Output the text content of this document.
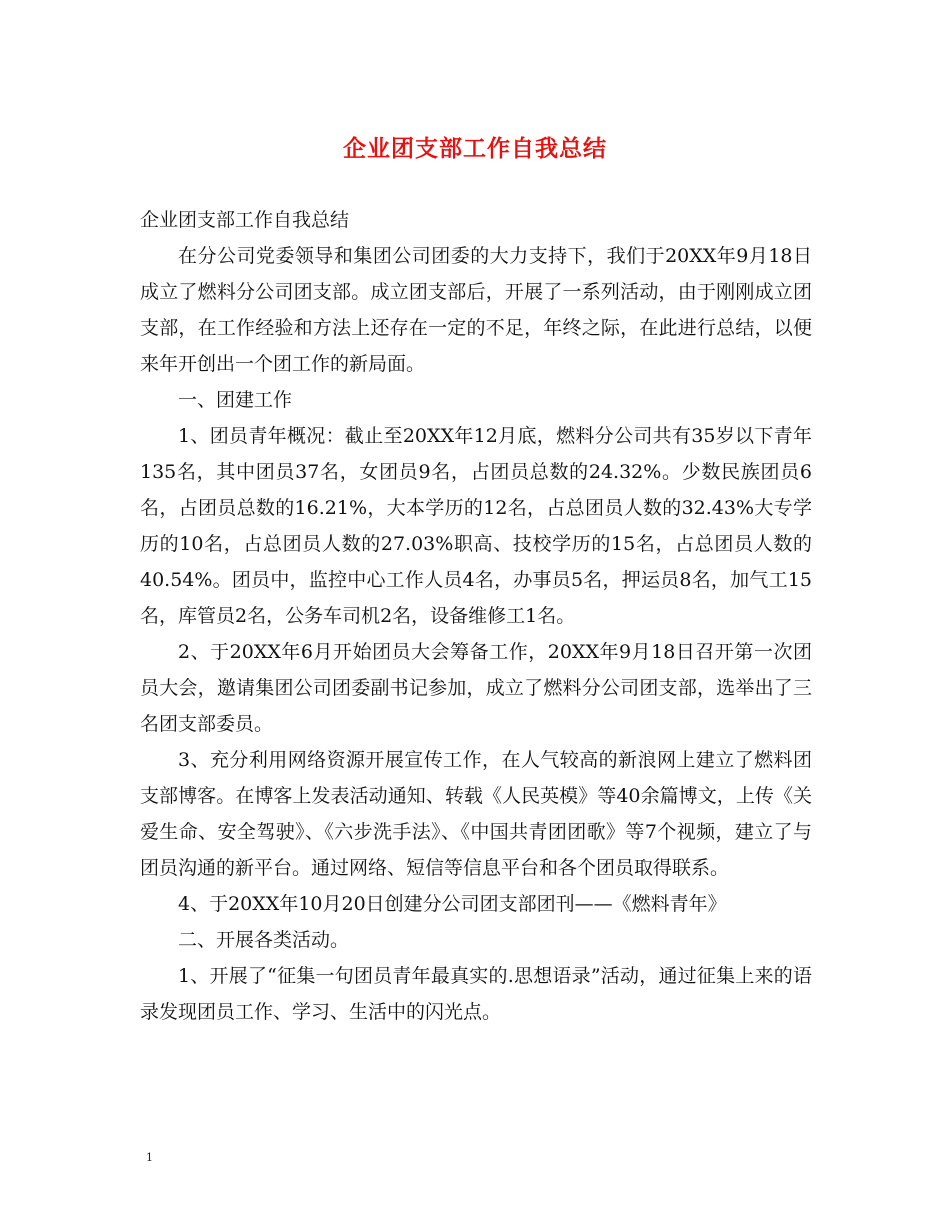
企业团支部工作自我总结

企业团支部工作自我总结

在分公司党委领导和集团公司团委的大力支持下，我们于20XX年9月18日成立了燃料分公司团支部。成立团支部后，开展了一系列活动，由于刚刚成立团支部，在工作经验和方法上还存在一定的不足，年终之际，在此进行总结，以便来年开创出一个团工作的新局面。

一、团建工作

1、团员青年概况：截止至20XX年12月底，燃料分公司共有35岁以下青年135名，其中团员37名，女团员9名，占团员总数的24.32%。少数民族团员6名，占团员总数的16.21%，大本学历的12名，占总团员人数的32.43%大专学历的10名，占总团员人数的27.03%职高、技校学历的15名，占总团员人数的40.54%。团员中，监控中心工作人员4名，办事员5名，押运员8名，加气工15名，库管员2名，公务车司机2名，设备维修工1名。

2、于20XX年6月开始团员大会筹备工作，20XX年9月18日召开第一次团员大会，邀请集团公司团委副书记参加，成立了燃料分公司团支部，选举出了三名团支部委员。

3、充分利用网络资源开展宣传工作，在人气较高的新浪网上建立了燃料团支部博客。在博客上发表活动通知、转载《人民英模》等40余篇博文，上传《关爱生命、安全驾驶》、《六步洗手法》、《中国共青团团歌》等7个视频，建立了与团员沟通的新平台。通过网络、短信等信息平台和各个团员取得联系。

4、于20XX年10月20日创建分公司团支部团刊——《燃料青年》

二、开展各类活动。

1、开展了“征集一句团员青年最真实的.思想语录”活动，通过征集上来的语录发现团员工作、学习、生活中的闪光点。

1
